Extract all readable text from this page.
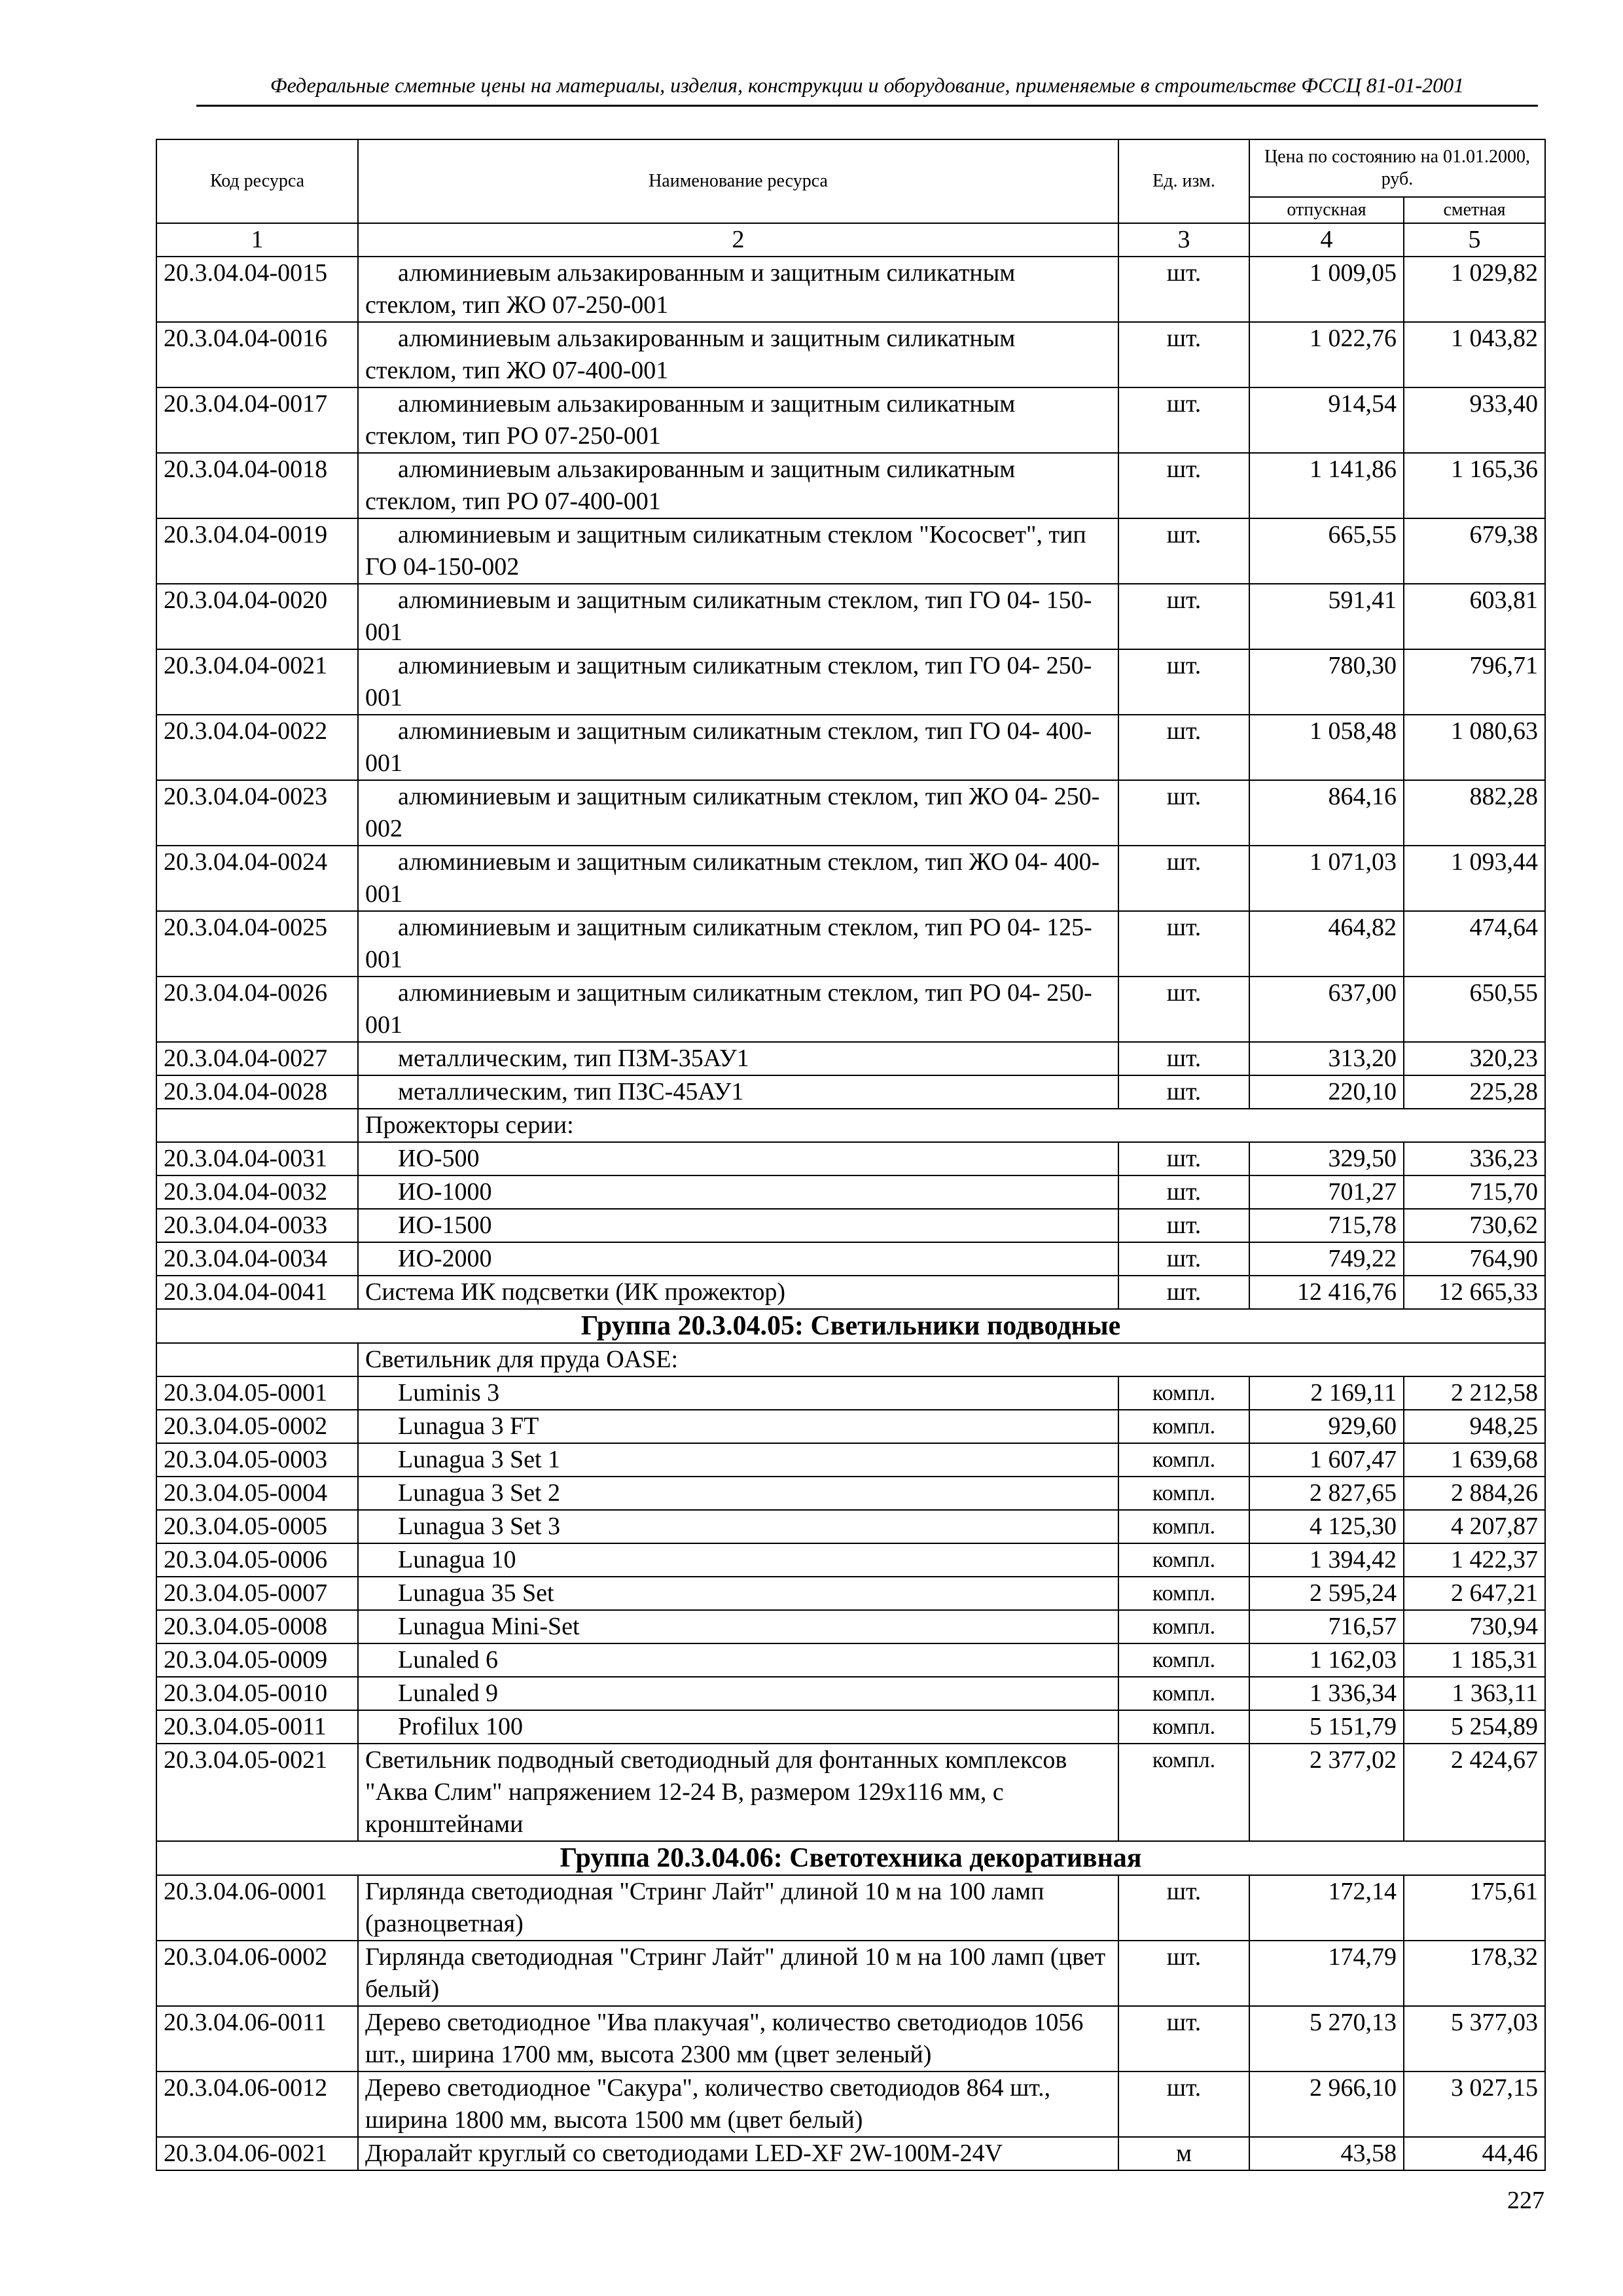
Федеральные сметные цены на материалы, изделия, конструкции и оборудование, применяемые в строительстве ФССЦ 81-01-2001
Код ресурса	Наименование ресурса	Ед. изм.	Цена по состоянию на 01.01.2000, руб.	
			отпускная	сметная
1	2	3	4	5
20.3.04.04-0015	алюминиевым альзакированным и защитным силикатным стеклом, тип ЖО 07-250-001	шт.	1 009,05	1 029,82
20.3.04.04-0016	алюминиевым альзакированным и защитным силикатным стеклом, тип ЖО 07-400-001	шт.	1 022,76	1 043,82
20.3.04.04-0017	алюминиевым альзакированным и защитным силикатным стеклом, тип РО 07-250-001	шт.	914,54	933,40
20.3.04.04-0018	алюминиевым альзакированным и защитным силикатным стеклом, тип РО 07-400-001	шт.	1 141,86	1 165,36
20.3.04.04-0019	алюминиевым и защитным силикатным стеклом "Кососвет", тип ГО 04-150-002	шт.	665,55	679,38
20.3.04.04-0020	алюминиевым и защитным силикатным стеклом, тип ГО 04- 150-001	шт.	591,41	603,81
20.3.04.04-0021	алюминиевым и защитным силикатным стеклом, тип ГО 04- 250-001	шт.	780,30	796,71
20.3.04.04-0022	алюминиевым и защитным силикатным стеклом, тип ГО 04- 400-001	шт.	1 058,48	1 080,63
20.3.04.04-0023	алюминиевым и защитным силикатным стеклом, тип ЖО 04- 250-002	шт.	864,16	882,28
20.3.04.04-0024	алюминиевым и защитным силикатным стеклом, тип ЖО 04- 400-001	шт.	1 071,03	1 093,44
20.3.04.04-0025	алюминиевым и защитным силикатным стеклом, тип РО 04- 125-001	шт.	464,82	474,64
20.3.04.04-0026	алюминиевым и защитным силикатным стеклом, тип РО 04- 250-001	шт.	637,00	650,55
20.3.04.04-0027	металлическим, тип ПЗМ-35АУ1	шт.	313,20	320,23
20.3.04.04-0028	металлическим, тип ПЗС-45АУ1	шт.	220,10	225,28
	Прожекторы серии:			
20.3.04.04-0031	ИО-500	шт.	329,50	336,23
20.3.04.04-0032	ИО-1000	шт.	701,27	715,70
20.3.04.04-0033	ИО-1500	шт.	715,78	730,62
20.3.04.04-0034	ИО-2000	шт.	749,22	764,90
20.3.04.04-0041	Система ИК подсветки (ИК прожектор)	шт.	12 416,76	12 665,33
Группа 20.3.04.05: Светильники подводные				
	Светильник для пруда OASE:			
20.3.04.05-0001	Luminis 3	компл.	2 169,11	2 212,58
20.3.04.05-0002	Lunagua 3 FT	компл.	929,60	948,25
20.3.04.05-0003	Lunagua 3 Set 1	компл.	1 607,47	1 639,68
20.3.04.05-0004	Lunagua 3 Set 2	компл.	2 827,65	2 884,26
20.3.04.05-0005	Lunagua 3 Set 3	компл.	4 125,30	4 207,87
20.3.04.05-0006	Lunagua 10	компл.	1 394,42	1 422,37
20.3.04.05-0007	Lunagua 35 Set	компл.	2 595,24	2 647,21
20.3.04.05-0008	Lunagua Mini-Set	компл.	716,57	730,94
20.3.04.05-0009	Lunaled 6	компл.	1 162,03	1 185,31
20.3.04.05-0010	Lunaled 9	компл.	1 336,34	1 363,11
20.3.04.05-0011	Profilux 100	компл.	5 151,79	5 254,89
20.3.04.05-0021	Светильник подводный светодиодный для фонтанных комплексов "Аква Слим" напряжением 12-24 В, размером 129x116 мм, с кронштейнами	компл.	2 377,02	2 424,67
Группа 20.3.04.06: Светотехника декоративная				
20.3.04.06-0001	Гирлянда светодиодная "Стринг Лайт" длиной 10 м на 100 ламп (разноцветная)	шт.	172,14	175,61
20.3.04.06-0002	Гирлянда светодиодная "Стринг Лайт" длиной 10 м на 100 ламп (цвет белый)	шт.	174,79	178,32
20.3.04.06-0011	Дерево светодиодное "Ива плакучая", количество светодиодов 1056 шт., ширина 1700 мм, высота 2300 мм (цвет зеленый)	шт.	5 270,13	5 377,03
20.3.04.06-0012	Дерево светодиодное "Сакура", количество светодиодов 864 шт., ширина 1800 мм, высота 1500 мм (цвет белый)	шт.	2 966,10	3 027,15
20.3.04.06-0021	Дюралайт круглый со светодиодами LED-XF 2W-100M-24V	м	43,58	44,46
227
